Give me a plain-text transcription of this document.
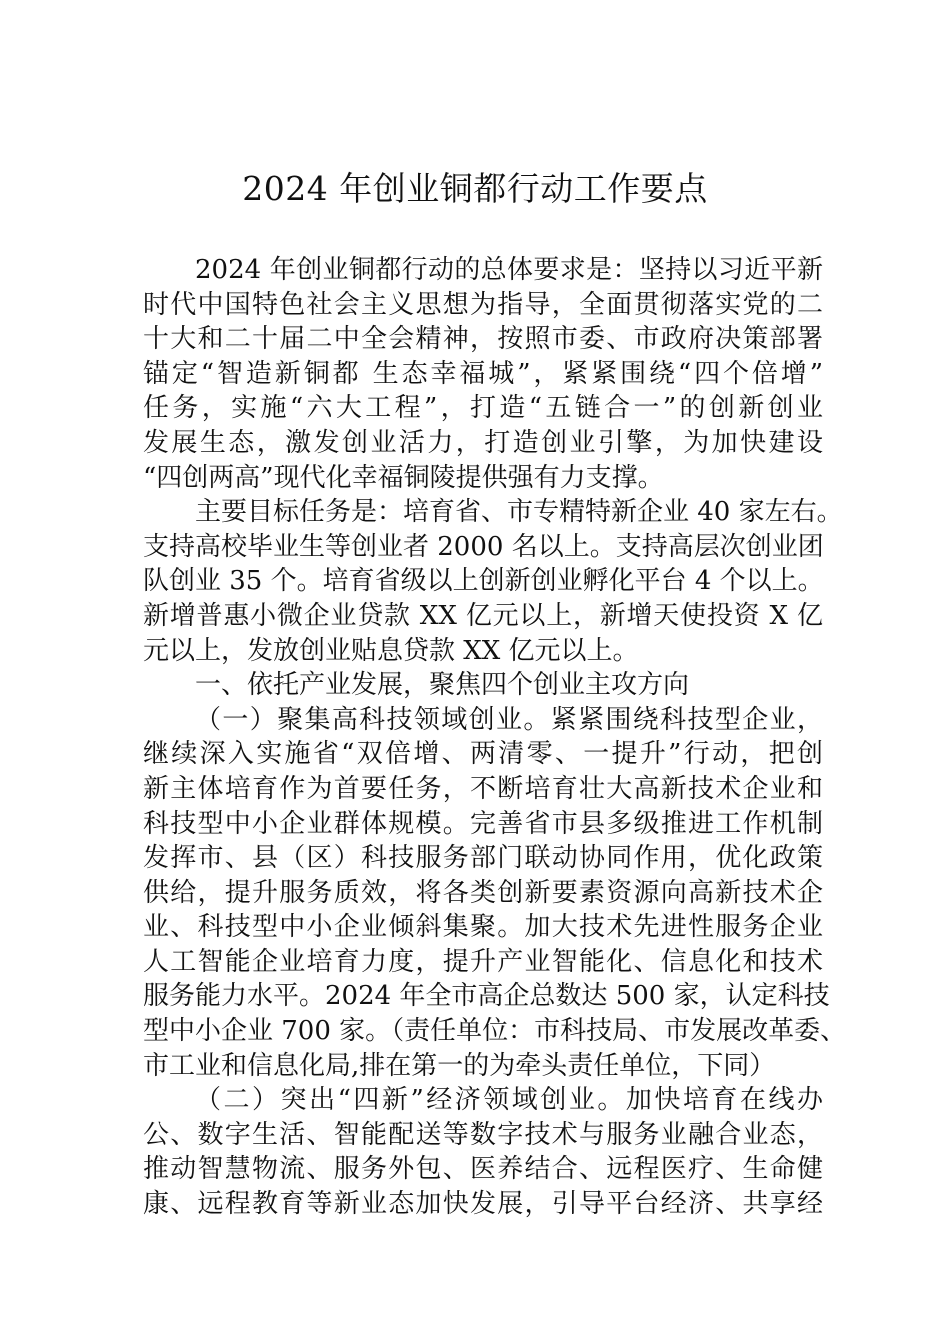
2024 年创业铜都行动工作要点
2024 年创业铜都行动的总体要求是：坚持以习近平新
时代中国特色社会主义思想为指导，全面贯彻落实党的二
十大和二十届二中全会精神，按照市委、市政府决策部署
锚定“智造新铜都 生态幸福城”，紧紧围绕“四个倍增”
任务，实施“六大工程”，打造“五链合一”的创新创业
发展生态，激发创业活力，打造创业引擎，为加快建设
“四创两高”现代化幸福铜陵提供强有力支撑。
主要目标任务是：培育省、市专精特新企业 40 家左右。
支持高校毕业生等创业者 2000 名以上。支持高层次创业团
队创业 35 个。培育省级以上创新创业孵化平台 4 个以上。
新增普惠小微企业贷款 XX 亿元以上，新增天使投资 X 亿
元以上，发放创业贴息贷款 XX 亿元以上。
一、依托产业发展，聚焦四个创业主攻方向
（一）聚集高科技领域创业。紧紧围绕科技型企业，
继续深入实施省“双倍增、两清零、一提升”行动，把创
新主体培育作为首要任务，不断培育壮大高新技术企业和
科技型中小企业群体规模。完善省市县多级推进工作机制
发挥市、县（区）科技服务部门联动协同作用，优化政策
供给，提升服务质效，将各类创新要素资源向高新技术企
业、科技型中小企业倾斜集聚。加大技术先进性服务企业
人工智能企业培育力度，提升产业智能化、信息化和技术
服务能力水平。2024 年全市高企总数达 500 家，认定科技
型中小企业 700 家。（责任单位：市科技局、市发展改革委、
市工业和信息化局,排在第一的为牵头责任单位，下同）
（二）突出“四新”经济领域创业。加快培育在线办
公、数字生活、智能配送等数字技术与服务业融合业态，
推动智慧物流、服务外包、医养结合、远程医疗、生命健
康、远程教育等新业态加快发展，引导平台经济、共享经
